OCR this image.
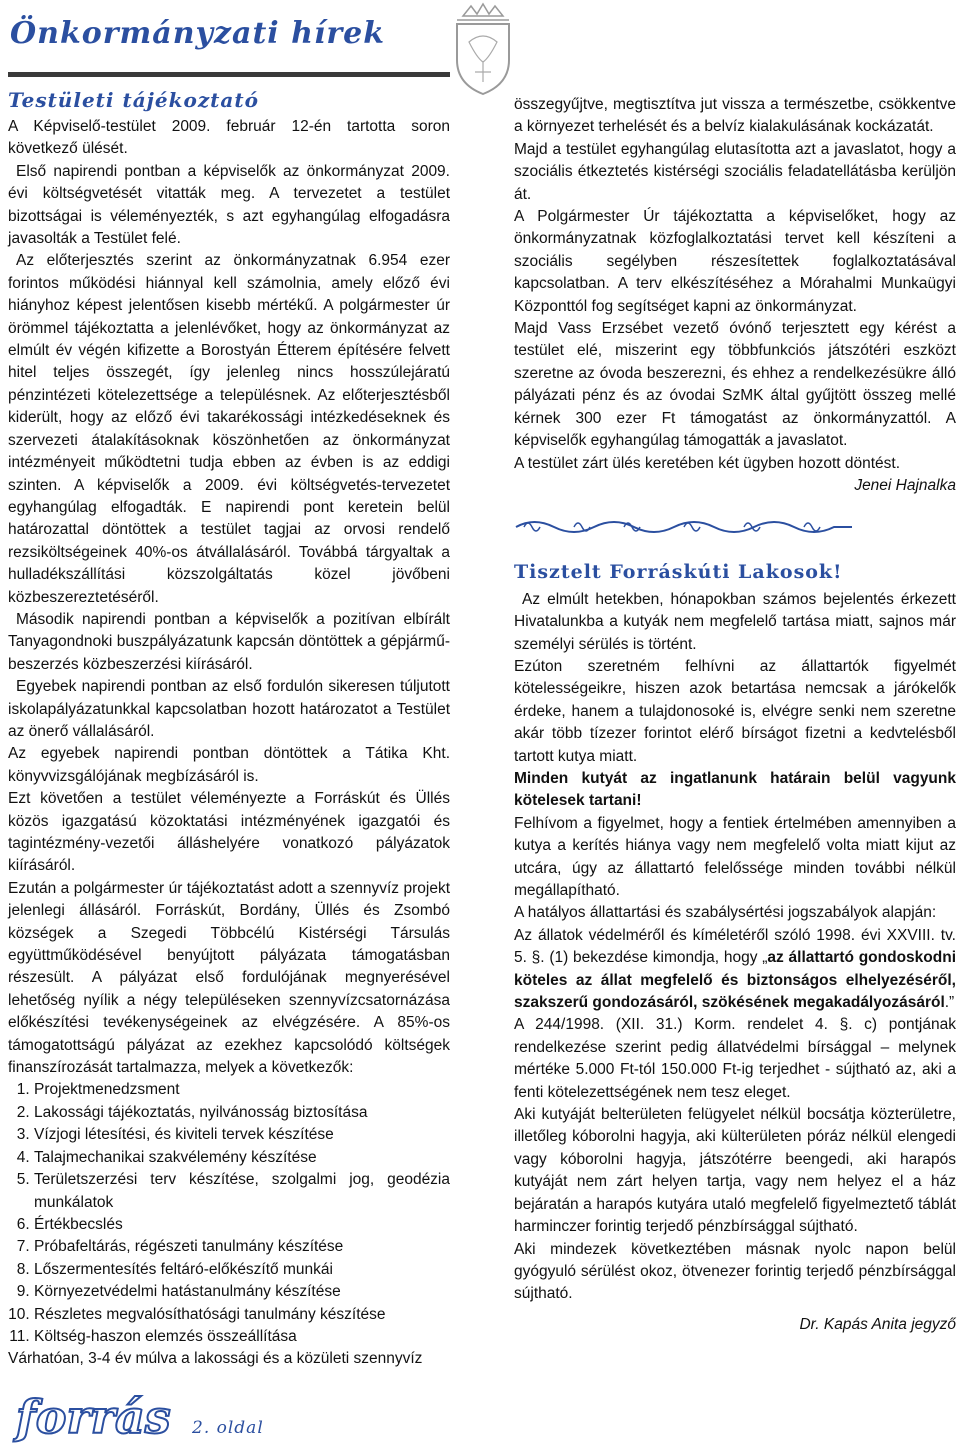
Önkormányzati hírek
Testületi tájékoztató

A Képviselő-testület 2009. február 12-én tartotta soron következő ülését.

Első napirendi pontban a képviselők az önkormányzat 2009. évi költségvetését vitatták meg. A tervezetet a testület bizottságai is véleményezték, s azt egyhangúlag elfogadásra javasolták a Testület felé.

Az előterjesztés szerint az önkormányzatnak 6.954 ezer forintos működési hiánnyal kell számolnia, amely előző évi hiányhoz képest jelentősen kisebb mértékű. A polgármester úr örömmel tájékoztatta a jelenlévőket, hogy az önkormányzat az elmúlt év végén kifizette a Borostyán Étterem építésére felvett hitel teljes összegét, így jelenleg nincs hosszúlejáratú pénzintézeti kötelezettsége a településnek. Az előterjesztésből kiderült, hogy az előző évi takarékossági intézkedéseknek és szervezeti átalakításoknak köszönhetően az önkormányzat intézményeit működtetni tudja ebben az évben is az eddigi szinten. A képviselők a 2009. évi költségvetés-tervezetet egyhangúlag elfogadták. E napirendi pont keretein belül határozattal döntöttek a testület tagjai az orvosi rendelő rezsiköltségeinek 40%-os átvállalásáról. Továbbá tárgyaltak a hulladékszállítási közszolgáltatás közel jövőbeni közbeszereztetéséről.

Második napirendi pontban a képviselők a pozitívan elbírált Tanyagondnoki buszpályázatunk kapcsán döntöttek a gépjármű-beszerzés közbeszerzési kiírásáról.

Egyebek napirendi pontban az első fordulón sikeresen túljutott iskolapályázatunkkal kapcsolatban hozott határozatot a Testület az önerő vállalásáról.

Az egyebek napirendi pontban döntöttek a Tátika Kht. könyvvizsgálójának megbízásáról is.

Ezt követően a testület véleményezte a Forráskút és Üllés közös igazgatású közoktatási intézményének igazgatói és tagintézmény-vezetői álláshelyére vonatkozó pályázatok kiírásáról.

Ezután a polgármester úr tájékoztatást adott a szennyvíz projekt jelenlegi állásáról. Forráskút, Bordány, Üllés és Zsombó községek a Szegedi Többcélú Kistérségi Társulás együttműködésével benyújtott pályázata támogatásban részesült. A pályázat első fordulójának megnyerésével lehetőség nyílik a négy településeken szennyvízcsatornázása előkészítési tevékenységeinek az elvégzésére. A 85%-os támogatottságú pályázat az ezekhez kapcsolódó költségek finanszírozását tartalmazza, melyek a következők:

1. Projektmenedzsment
2. Lakossági tájékoztatás, nyilvánosság biztosítása
3. Vízjogi létesítési, és kiviteli tervek készítése
4. Talajmechanikai szakvélemény készítése
5. Területszerzési terv készítése, szolgalmi jog, geodézia munkálatok
6. Értékbecslés
7. Próbafeltárás, régészeti tanulmány készítése
8. Lőszermentesítés feltáró-előkészítő munkái
9. Környezetvédelmi hatástanulmány készítése
10. Részletes megvalósíthatósági tanulmány készítése
11. Költség-haszon elemzés összeállítása

Várhatóan, 3-4 év múlva a lakossági és a közületi szennyvíz

összegyűjtve, megtisztítva jut vissza a természetbe, csökkentve a környezet terhelését és a belvíz kialakulásának kockázatát.

Majd a testület egyhangúlag elutasította azt a javaslatot, hogy a szociális étkeztetés kistérségi szociális feladatellátásba kerüljön át.

A Polgármester Úr tájékoztatta a képviselőket, hogy az önkormányzatnak közfoglalkoztatási tervet kell készíteni a szociális segélyben részesítettek foglalkoztatásával kapcsolatban. A terv elkészítéséhez a Mórahalmi Munkaügyi Központtól fog segítséget kapni az önkormányzat.

Majd Vass Erzsébet vezető óvónő terjesztett egy kérést a testület elé, miszerint egy többfunkciós játszótéri eszközt szeretne az óvoda beszerezni, és ehhez a rendelkezésükre álló pályázati pénz és az óvodai SzMK által gyűjtött összeg mellé kérnek 300 ezer Ft támogatást az önkormányzattól. A képviselők egyhangúlag támogatták a javaslatot.

A testület zárt ülés keretében két ügyben hozott döntést.

Jenei Hajnalka

Tisztelt Forráskúti Lakosok!

Az elmúlt hetekben, hónapokban számos bejelentés érkezett Hivatalunkba a kutyák nem megfelelő tartása miatt, sajnos már személyi sérülés is történt.

Ezúton szeretném felhívni az állattartók figyelmét kötelességeikre, hiszen azok betartása nemcsak a járókelők érdeke, hanem a tulajdonosoké is, elvégre senki nem szeretne akár több tízezer forintot elérő bírságot fizetni a kedvtelésből tartott kutya miatt.

Minden kutyát az ingatlanunk határain belül vagyunk kötelesek tartani!

Felhívom a figyelmet, hogy a fentiek értelmében amennyiben a kutya a kerítés hiánya vagy nem megfelelő volta miatt kijut az utcára, úgy az állattartó felelőssége minden további nélkül megállapítható.

A hatályos állattartási és szabálysértési jogszabályok alapján:

Az állatok védelméről és kíméletéről szóló 1998. évi XXVIII. tv. 5. §. (1) bekezdése kimondja, hogy „az állattartó gondoskodni köteles az állat megfelelő és biztonságos elhelyezéséről, szakszerű gondozásáról, szökésének megakadályozásáról.”

A 244/1998. (XII. 31.) Korm. rendelet 4. §. c) pontjának rendelkezése szerint pedig állatvédelmi bírsággal – melynek mértéke 5.000 Ft-tól 150.000 Ft-ig terjedhet - sújtható az, aki a fenti kötelezettségének nem tesz eleget.

Aki kutyáját belterületen felügyelet nélkül bocsátja közterületre, illetőleg kóborolni hagyja, aki külterületen póráz nélkül elengedi vagy kóborolni hagyja, játszótérre beengedi, aki harapós kutyáját nem zárt helyen tartja, vagy nem helyez el a ház bejáratán a harapós kutyára utaló megfelelő figyelmeztető táblát harminczer forintig terjedő pénzbírsággal sújtható.

Aki mindezek következtében másnak nyolc napon belül gyógyuló sérülést okoz, ötvenezer forintig terjedő pénzbírsággal sújtható.

Dr. Kapás Anita jegyző

forrás 2. oldal
